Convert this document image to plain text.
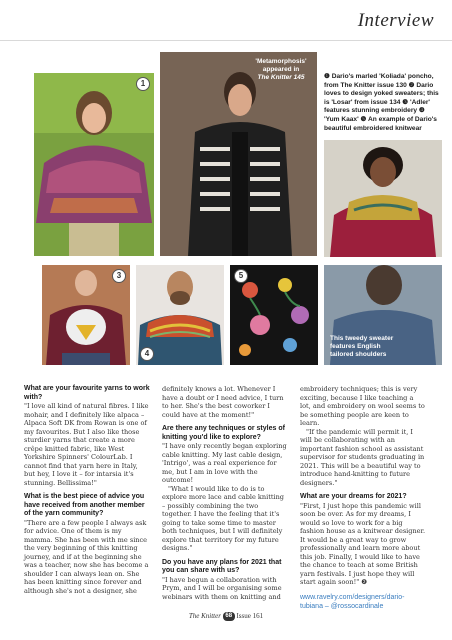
Interview
1
'Metamorphosis'
appeared in
The Knitter 145	❶ Dario's marled 'Koliada' poncho, from The Knitter issue 130 ❷ Dario loves to design yoked sweaters; this is 'Losar' from issue 134 ❸ 'Adler' features stunning embroidery ❹ 'Yum Kaax' ❺ An example of Dario's beautiful embroidered knitwear
3
4
5
This tweedy sweater features English tailored shoulders

What are your favourite yarns to work with?

"I love all kind of natural fibres. I like mohair, and I definitely like alpaca – Alpaca Soft DK from Rowan is one of my favourites. But I also like those sturdier yarns that create a more crêpe knitted fabric, like West Yorkshire Spinners' ColourLab. I cannot find that yarn here in Italy, but hey, I love it – for intarsia it's stunning. Bellissima!"

What is the best piece of advice you have received from another member of the yarn community?

"There are a few people I always ask for advice. One of them is my mamma. She has been with me since the very beginning of this knitting journey, and if at the beginning she was a teacher, now she has become a shoulder I can always lean on. She has been knitting since forever and although she's not a designer, she

definitely knows a lot. Whenever I have a doubt or I need advice, I turn to her. She's the best coworker I could have at the moment!"

Are there any techniques or styles of knitting you'd like to explore?

"I have only recently began exploring cable knitting. My last cable design, 'Intrigo', was a real experience for me, but I am in love with the outcome!

"What I would like to do is to explore more lace and cable knitting – possibly combining the two together. I have the feeling that it's going to take some time to master both techniques, but I will definitely explore that territory for my future designs."

Do you have any plans for 2021 that you can share with us?

"I have begun a collaboration with Prym, and I will be organising some webinars with them on knitting and

embroidery techniques; this is very exciting, because I like teaching a lot, and embroidery on wool seems to be something people are keen to learn.

"If the pandemic will permit it, I will be collaborating with an important fashion school as assistant supervisor for students graduating in 2021. This will be a beautiful way to introduce hand-knitting to future designers."

What are your dreams for 2021?

"First, I just hope this pandemic will soon be over. As for my dreams, I would so love to work for a big fashion house as a knitwear designer. It would be a great way to grow professionally and learn more about this job. Finally, I would like to have the chance to teach at some British yarn festivals. I just hope they will start again soon!" ❷

www.ravelry.com/designers/dario-tubiana – @rossocardinale

The Knitter 68 Issue 161
